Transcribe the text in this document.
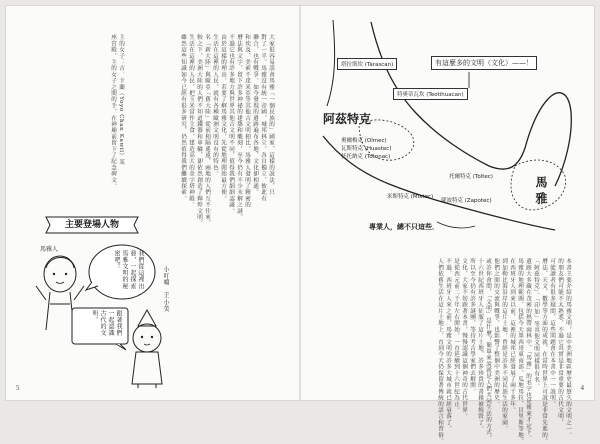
大家很容易誤會馬雅「一個民族的」國家，這樣的說法，只
對了一半。馬雅沒有統一帝國，城邦林立，各自獨立，彼此有
聯合，也有戰爭。如今發現的遺跡遍布各地，文化卻相通。
和埃及、美索不達米亞等其他古文明相比，馬雅人發明了精密的
曆法與文字，留下許多神祕的建築和雕刻，至今仍有不少未解之謎。
不過它也有許多地方與世界其他古文明不同，值得我們細細認識。
由於這樣的理由，若要了解馬雅文化，先從地理開始最方便。
生活在這裡的人民，就有各種歐洲文明沒有的特色。
名「新大陸」與歐亞「舊大陸」從前相隔遙遠，兩地的人們互不往來，
較之下，美洲大陸的人們不知道鐵器和車輪，卻依然創造了輝煌文明。
生活在這裡的人民，把玉米當作主食，建造高大的金字塔神殿。
雖然這些知識如今已經有很多研究，仍然值得我們繼續探索。

主的女子：吉．卡蘭（Yoyo Chan Kawil）某
座宮殿，主的女子之間的手，在神廟前留下了紀念碑文。

主要登場人物
馬雅人
我們從這裡出發，一起探索馬雅文明的秘密吧！
小叮噹　王小美
跟著我們一起認識古代的文明。
5
塔拉斯坎 (Tarascan)
特奧蒂瓦坎 (Teotihuacan)
有這麼多的文明（文化）——！
阿茲特克
奧爾梅克 (Olmec)
瓦斯特克 (Huastec)
托托納克 (Totonac)
托爾特克 (Toltec)
米斯特克 (Mixtec)
薩波特克 (Zapotec)	馬雅
專業人，總不只這些．

本書主要介紹的馬雅文明，是中美洲地區歷史最悠久的文明之一。
的朋友們可能不太熟悉，不過它其實是非常重要的古代文明，
可能讀者有很多疑問，這些問題會在本書中一一說明。
曆法、天文、數學等方面的成就，在當時世界上可說是非常先進的。
「阿茲特克」、「印加」等其他文明同樣很有名。
遺跡大多藏在茂密的熱帶雨林中，「馬雅」的名字也是後來才定下。
馬雅的地理範圍，包括今天墨西哥東南部、瓜地馬拉、貝里斯等地。
在西班牙人到來以前，這裡的城邦已經發展了兩千多年。
到加勒比海沿岸的這片土地，曾經是許多不同民族生活的家園。
他們之間的交流與戰爭，也影響了整個中美洲的歷史。
或許你會問，「文明」是什麼？簡單來說就是人們共同生活的方式。
十六世紀西班牙人征服了這片土地，許多珍貴的書籍被燒毀了。
所以至今仍有許多謎團，等待考古學家們去解開。
文化，大家不妨跟著本書，慢慢認識這個神奇的古代世界。
是從西元前二千年左右開始，一直延續到十六世紀為止。
不過，西班牙人來之前，馬雅文明的許多大城市就已經衰落了，
人們依舊生活在這片土地上，直到今天仍保留著傳統的語言和習俗。
	4
